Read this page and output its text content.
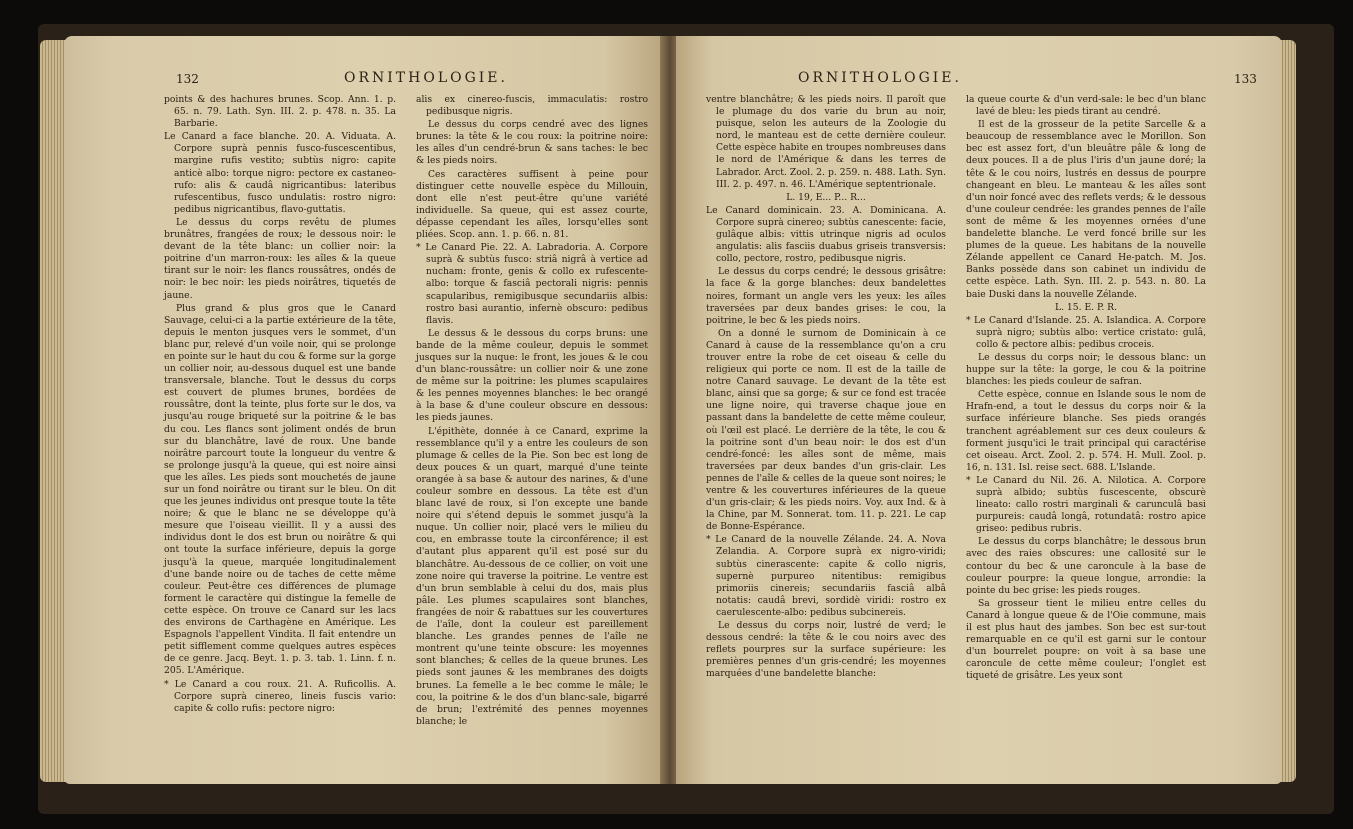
132	ORNITHOLOGIE.

points & des hachures brunes. Scop. Ann. 1. p. 65. n. 79. Lath. Syn. III. 2. p. 478. n. 35. La Barbarie.

Le Canard a face blanche. 20. A. Viduata. A. Corpore suprà pennis fusco-fuscescentibus, margine rufis vestito; subtùs nigro: capite anticè albo: torque nigro: pectore ex castaneo-rufo: alis & caudâ nigricantibus: lateribus rufescentibus, fusco undulatis: rostro nigro: pedibus nigricantibus, flavo-guttatis.

Le dessus du corps revêtu de plumes brunâtres, frangées de roux; le dessous noir: le devant de la tête blanc: un collier noir: la poitrine d'un marron-roux: les aîles & la queue tirant sur le noir: les flancs roussâtres, ondés de noir: le bec noir: les pieds noirâtres, tiquetés de jaune.

Plus grand & plus gros que le Canard Sauvage, celui-ci a la partie extérieure de la tête, depuis le menton jusques vers le sommet, d'un blanc pur, relevé d'un voile noir, qui se prolonge en pointe sur le haut du cou & forme sur la gorge un collier noir, au-dessous duquel est une bande transversale, blanche. Tout le dessus du corps est couvert de plumes brunes, bordées de roussâtre, dont la teinte, plus forte sur le dos, va jusqu'au rouge briqueté sur la poitrine & le bas du cou. Les flancs sont joliment ondés de brun sur du blanchâtre, lavé de roux. Une bande noirâtre parcourt toute la longueur du ventre & se prolonge jusqu'à la queue, qui est noire ainsi que les aîles. Les pieds sont mouchetés de jaune sur un fond noirâtre ou tirant sur le bleu. On dit que les jeunes individus ont presque toute la tête noire; & que le blanc ne se développe qu'à mesure que l'oiseau vieillit. Il y a aussi des individus dont le dos est brun ou noirâtre & qui ont toute la surface inférieure, depuis la gorge jusqu'à la queue, marquée longitudinalement d'une bande noire ou de taches de cette même couleur. Peut-être ces différences de plumage forment le caractère qui distingue la femelle de cette espèce. On trouve ce Canard sur les lacs des environs de Carthagène en Amérique. Les Espagnols l'appellent Vindita. Il fait entendre un petit sifflement comme quelques autres espèces de ce genre. Jacq. Beyt. 1. p. 3. tab. 1. Linn. f. n. 205. L'Amérique.

* Le Canard a cou roux. 21. A. Ruficollis. A. Corpore suprà cinereo, lineis fuscis vario: capite & collo rufis: pectore nigro:

alis ex cinereo-fuscis, immaculatis: rostro pedibusque nigris.

Le dessus du corps cendré avec des lignes brunes: la tête & le cou roux: la poitrine noire: les aîles d'un cendré-brun & sans taches: le bec & les pieds noirs.

Ces caractères suffisent à peine pour distinguer cette nouvelle espèce du Millouin, dont elle n'est peut-être qu'une variété individuelle. Sa queue, qui est assez courte, dépasse cependant les aîles, lorsqu'elles sont pliées. Scop. ann. 1. p. 66. n. 81.

* Le Canard Pie. 22. A. Labradoria. A. Corpore suprà & subtùs fusco: striâ nigrâ à vertice ad nucham: fronte, genis & collo ex rufescente-albo: torque & fasciâ pectorali nigris: pennis scapularibus, remigibusque secundariis albis: rostro basi aurantio, infernè obscuro: pedibus flavis.

Le dessus & le dessous du corps bruns: une bande de la même couleur, depuis le sommet jusques sur la nuque: le front, les joues & le cou d'un blanc-roussâtre: un collier noir & une zone de même sur la poitrine: les plumes scapulaires & les pennes moyennes blanches: le bec orangé à la base & d'une couleur obscure en dessous: les pieds jaunes.

L'épithète, donnée à ce Canard, exprime la ressemblance qu'il y a entre les couleurs de son plumage & celles de la Pie. Son bec est long de deux pouces & un quart, marqué d'une teinte orangée à sa base & autour des narines, & d'une couleur sombre en dessous. La tête est d'un blanc lavé de roux, si l'on excepte une bande noire qui s'étend depuis le sommet jusqu'à la nuque. Un collier noir, placé vers le milieu du cou, en embrasse toute la circonférence; il est d'autant plus apparent qu'il est posé sur du blanchâtre. Au-dessous de ce collier, on voit une zone noire qui traverse la poitrine. Le ventre est d'un brun semblable à celui du dos, mais plus pâle. Les plumes scapulaires sont blanches, frangées de noir & rabattues sur les couvertures de l'aîle, dont la couleur est pareillement blanche. Les grandes pennes de l'aîle ne montrent qu'une teinte obscure: les moyennes sont blanches; & celles de la queue brunes. Les pieds sont jaunes & les membranes des doigts brunes. La femelle a le bec comme le mâle; le cou, la poitrine & le dos d'un blanc-sale, bigarré de brun; l'extrémité des pennes moyennes blanche; le

ORNITHOLOGIE.	133

ventre blanchâtre; & les pieds noirs. Il paroît que le plumage du dos varie du brun au noir, puisque, selon les auteurs de la Zoologie du nord, le manteau est de cette dernière couleur. Cette espèce habite en troupes nombreuses dans le nord de l'Amérique & dans les terres de Labrador. Arct. Zool. 2. p. 259. n. 488. Lath. Syn. III. 2. p. 497. n. 46. L'Amérique septentrionale.

L. 19, E... P... R...

Le Canard dominicain. 23. A. Dominicana. A. Corpore suprà cinereo; subtùs canescente: facie, gulâque albis: vittis utrinque nigris ad oculos angulatis: alis fasciis duabus griseis transversis: collo, pectore, rostro, pedibusque nigris.

Le dessus du corps cendré; le dessous grisâtre: la face & la gorge blanches: deux bandelettes noires, formant un angle vers les yeux: les aîles traversées par deux bandes grises: le cou, la poitrine, le bec & les pieds noirs.

On a donné le surnom de Dominicain à ce Canard à cause de la ressemblance qu'on a cru trouver entre la robe de cet oiseau & celle du religieux qui porte ce nom. Il est de la taille de notre Canard sauvage. Le devant de la tête est blanc, ainsi que sa gorge; & sur ce fond est tracée une ligne noire, qui traverse chaque joue en passant dans la bandelette de cette même couleur, où l'œil est placé. Le derrière de la tête, le cou & la poitrine sont d'un beau noir: le dos est d'un cendré-foncé: les aîles sont de même, mais traversées par deux bandes d'un gris-clair. Les pennes de l'aîle & celles de la queue sont noires; le ventre & les couvertures inférieures de la queue d'un gris-clair; & les pieds noirs. Voy. aux Ind. & à la Chine, par M. Sonnerat. tom. 11. p. 221. Le cap de Bonne-Espérance.

* Le Canard de la nouvelle Zélande. 24. A. Nova Zelandia. A. Corpore suprà ex nigro-viridi; subtùs cinerascente: capite & collo nigris, supernè purpureo nitentibus: remigibus primoriis cinereis; secundariis fasciâ albâ notatis: caudâ brevi, sordidè viridi: rostro ex caerulescente-albo: pedibus subcinereis.

Le dessus du corps noir, lustré de verd; le dessous cendré: la tête & le cou noirs avec des reflets pourpres sur la surface supérieure: les premières pennes d'un gris-cendré; les moyennes marquées d'une bandelette blanche:

la queue courte & d'un verd-sale: le bec d'un blanc lavé de bleu: les pieds tirant au cendré.

Il est de la grosseur de la petite Sarcelle & a beaucoup de ressemblance avec le Morillon. Son bec est assez fort, d'un bleuâtre pâle & long de deux pouces. Il a de plus l'iris d'un jaune doré; la tête & le cou noirs, lustrés en dessus de pourpre changeant en bleu. Le manteau & les aîles sont d'un noir foncé avec des reflets verds; & le dessous d'une couleur cendrée: les grandes pennes de l'aîle sont de même & les moyennes ornées d'une bandelette blanche. Le verd foncé brille sur les plumes de la queue. Les habitans de la nouvelle Zélande appellent ce Canard He-patch. M. Jos. Banks possède dans son cabinet un individu de cette espèce. Lath. Syn. III. 2. p. 543. n. 80. La baie Duski dans la nouvelle Zélande.

L. 15. E. P. R.

* Le Canard d'Islande. 25. A. Islandica. A. Corpore suprà nigro; subtùs albo: vertice cristato: gulâ, collo & pectore albis: pedibus croceis.

Le dessus du corps noir; le dessous blanc: un huppe sur la tête: la gorge, le cou & la poitrine blanches: les pieds couleur de safran.

Cette espèce, connue en Islande sous le nom de Hrafn-end, a tout le dessus du corps noir & la surface inférieure blanche. Ses pieds orangés tranchent agréablement sur ces deux couleurs & forment jusqu'ici le trait principal qui caractérise cet oiseau. Arct. Zool. 2. p. 574. H. Mull. Zool. p. 16, n. 131. Isl. reise sect. 688. L'Islande.

* Le Canard du Nil. 26. A. Nilotica. A. Corpore suprà albido; subtùs fuscescente, obscurè lineato: callo rostri marginali & carunculâ basi purpureis: caudâ longâ, rotundatâ: rostro apice griseo: pedibus rubris.

Le dessus du corps blanchâtre; le dessous brun avec des raies obscures: une callosité sur le contour du bec & une caroncule à la base de couleur pourpre: la queue longue, arrondie: la pointe du bec grise: les pieds rouges.

Sa grosseur tient le milieu entre celles du Canard à longue queue & de l'Oie commune, mais il est plus haut des jambes. Son bec est sur-tout remarquable en ce qu'il est garni sur le contour d'un bourrelet poupre: on voit à sa base une caroncule de cette même couleur; l'onglet est tiqueté de grisâtre. Les yeux sont
